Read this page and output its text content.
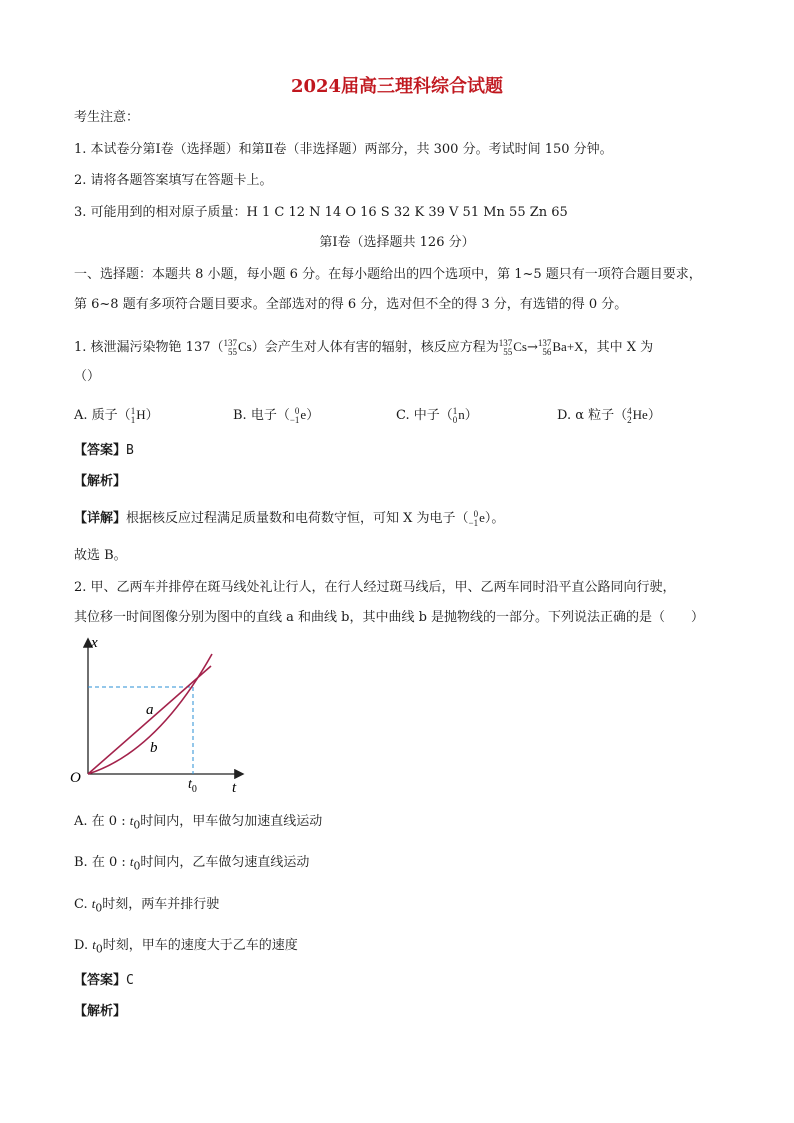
2024届高三理科综合试题
考生注意：
1. 本试卷分第Ⅰ卷（选择题）和第Ⅱ卷（非选择题）两部分，共 300 分。考试时间 150 分钟。
2. 请将各题答案填写在答题卡上。
3. 可能用到的相对原子质量：H 1 C 12 N 14 O 16 S 32 K 39 V 51 Mn 55 Zn 65
第Ⅰ卷（选择题共 126 分）
一、选择题：本题共 8 小题，每小题 6 分。在每小题给出的四个选项中，第 1~5 题只有一项符合题目要求，
第 6~8 题有多项符合题目要求。全部选对的得 6 分，选对但不全的得 3 分，有选错的得 0 分。
1. 核泄漏污染物铯 137（ 137
55 Cs）会产生对人体有害的辐射，核反应方程为 137
55 Cs→ 137
56 Ba+X，其中 X 为
（）
A. 质子（ 1
1 H）	B. 电子（ 0
−1 e）	C. 中子（ 1
0 n）	D. α 粒子（ 4
2 He）
【答案】B
【解析】
【详解】根据核反应过程满足质量数和电荷数守恒，可知 X 为电子（ 0
−1 e）。
故选 B。
2. 甲、乙两车并排停在斑马线处礼让行人，在行人经过斑马线后，甲、乙两车同时沿平直公路同向行驶，
其位移一时间图像分别为图中的直线 a 和曲线 b，其中曲线 b 是抛物线的一部分。下列说法正确的是（　　）
x
t
O
a
b
$t_0$
A. 在 0 : $t_0$时间内，甲车做匀加速直线运动
B. 在 0 : $t_0$时间内，乙车做匀速直线运动
C. $t_0$时刻，两车并排行驶
D. $t_0$时刻，甲车的速度大于乙车的速度
【答案】C
【解析】
